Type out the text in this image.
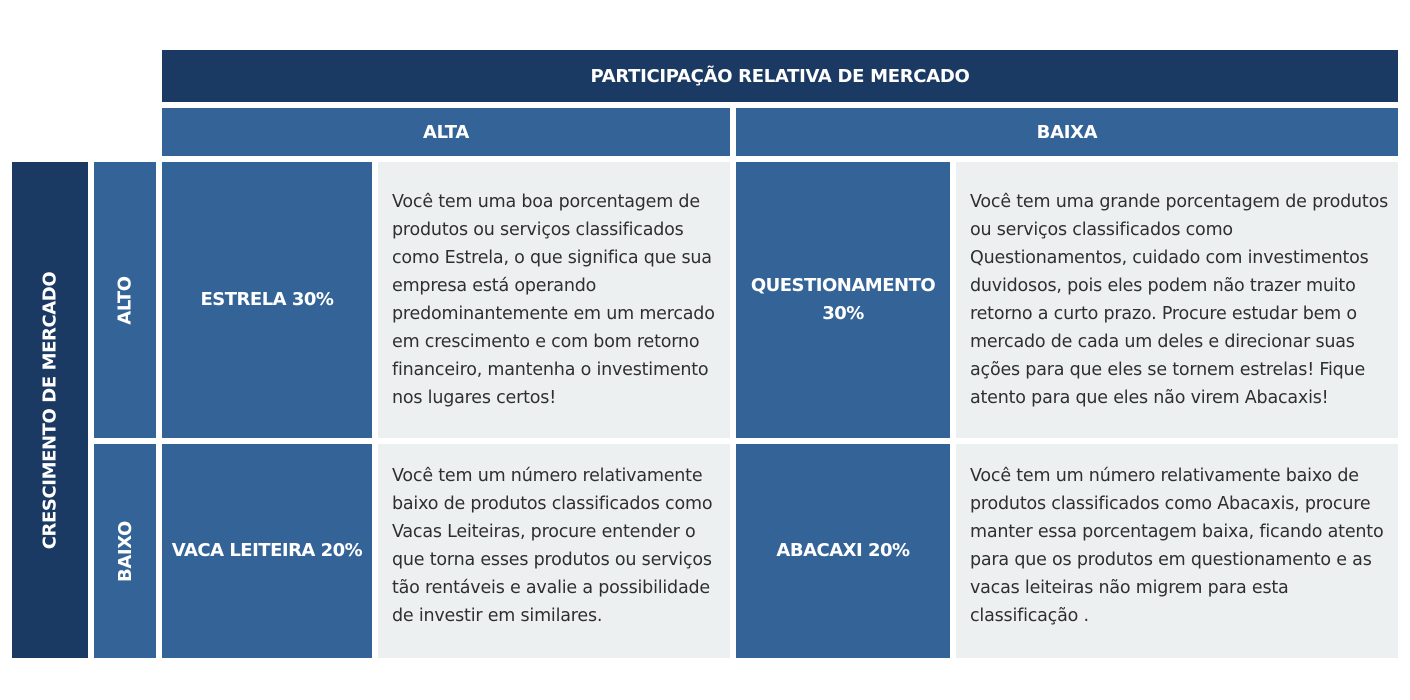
PARTICIPAÇÃO RELATIVA DE MERCADO
ALTA	BAIXA
CRESCIMENTO DE MERCADO	ALTO
BAIXO
ESTRELA 30%
Você tem uma boa porcentagem de produtos ou serviços classificados como Estrela, o que significa que sua empresa está operando predominantemente em um mercado em crescimento e com bom retorno financeiro, mantenha o investimento nos lugares certos!
QUESTIONAMENTO 30%
Você tem uma grande porcentagem de produtos ou serviços classificados como Questionamentos, cuidado com investimentos duvidosos, pois eles podem não trazer muito retorno a curto prazo. Procure estudar bem o mercado de cada um deles e direcionar suas ações para que eles se tornem estrelas! Fique atento para que eles não virem Abacaxis!
VACA LEITEIRA 20%
Você tem um número relativamente baixo de produtos classificados como Vacas Leiteiras, procure entender o que torna esses produtos ou serviços tão rentáveis e avalie a possibilidade de investir em similares.
ABACAXI 20%
Você tem um número relativamente baixo de produtos classificados como Abacaxis, procure manter essa porcentagem baixa, ficando atento para que os produtos em questionamento e as vacas leiteiras não migrem para esta classificação .
